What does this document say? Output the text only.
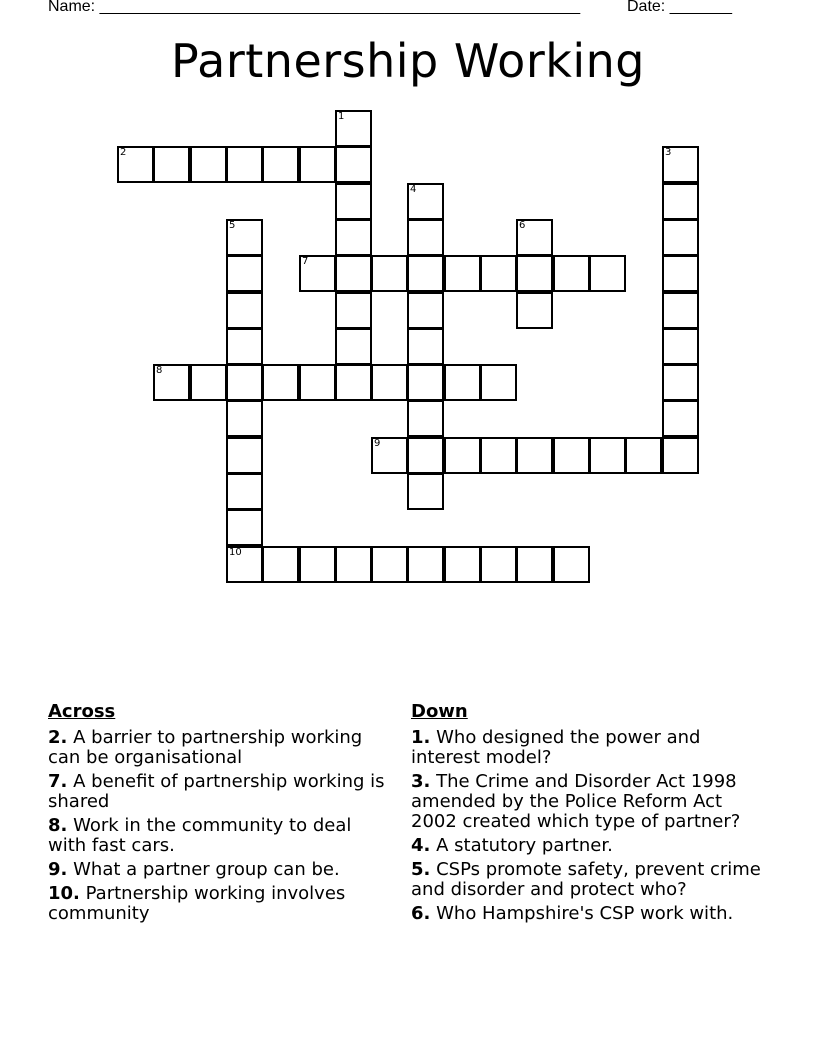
Name: ______________________________________________________	Date: _______
Partnership Working
1
2	3
4
5
10
6
7
8
9
Across
2. A barrier to partnership working can be organisational
7. A benefit of partnership working is shared
8. Work in the community to deal with fast cars.
9. What a partner group can be.
10. Partnership working involves community
Down
1. Who designed the power and interest model?
3. The Crime and Disorder Act 1998 amended by the Police Reform Act 2002 created which type of partner?
4. A statutory partner.
5. CSPs promote safety, prevent crime and disorder and protect who?
6. Who Hampshire's CSP work with.
